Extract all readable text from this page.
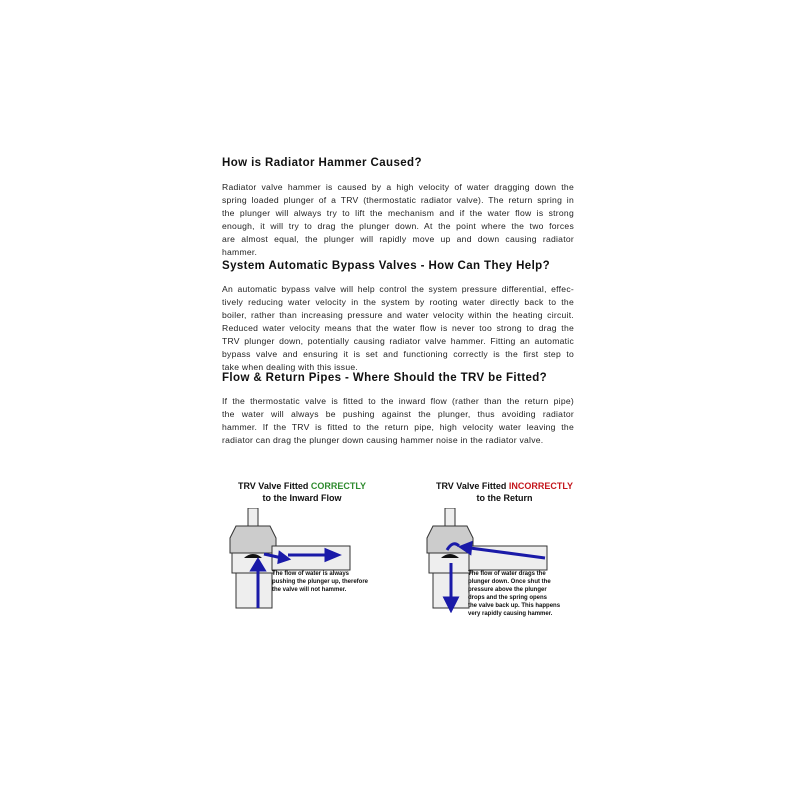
How is Radiator Hammer Caused?
Radiator valve hammer is caused by a high velocity of water dragging down the
spring loaded plunger of a TRV (thermostatic radiator valve). The return spring in
the plunger will always try to lift the mechanism and if the water flow is strong
enough, it will try to drag the plunger down. At the point where the two forces
are almost equal, the plunger will rapidly move up and down causing radiator
hammer.
System Automatic Bypass Valves - How Can They Help?
An automatic bypass valve will help control the system pressure differential, effec-
tively reducing water velocity in the system by rooting water directly back to the
boiler, rather than increasing pressure and water velocity within the heating circuit.
Reduced water velocity means that the water flow is never too strong to drag the
TRV plunger down, potentially causing radiator valve hammer. Fitting an automatic
bypass valve and ensuring it is set and functioning correctly is the first step to
take when dealing with this issue.
Flow & Return Pipes - Where Should the TRV be Fitted?
If the thermostatic valve is fitted to the inward flow (rather than the return pipe)
the water will always be pushing against the plunger, thus avoiding radiator
hammer. If the TRV is fitted to the return pipe, high velocity water leaving the
radiator can drag the plunger down causing hammer noise in the radiator valve.
TRV Valve Fitted CORRECTLY
to the Inward Flow
The flow of water is always
pushing the plunger up, therefore
the valve will not hammer.
TRV Valve Fitted INCORRECTLY
to the Return
The flow of water drags the
plunger down. Once shut the
pressure above the plunger
drops and the spring opens
the valve back up. This happens
very rapidly causing hammer.
